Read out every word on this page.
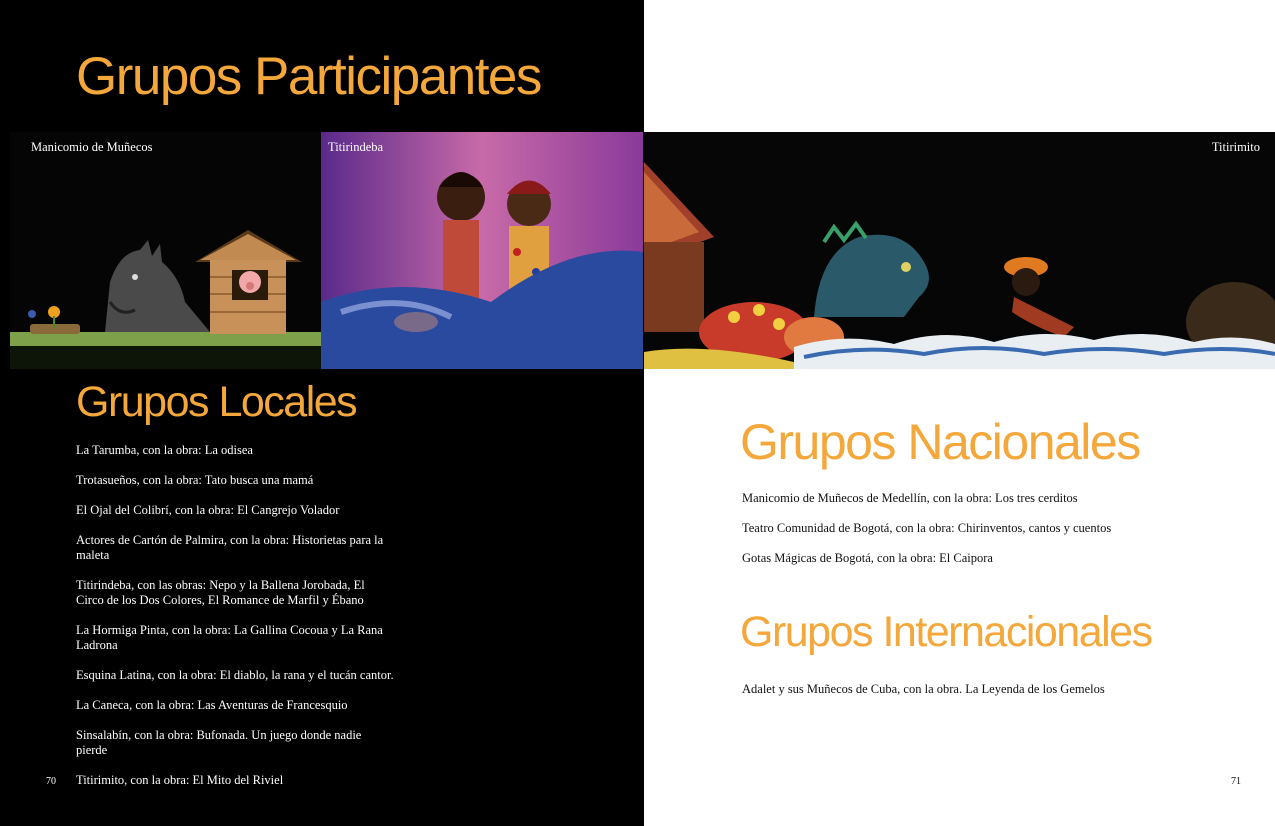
Grupos Participantes
Manicomio de Muñecos	Titirindeba	Titirimito
Grupos Locales
La Tarumba, con la obra: La odisea
Trotasueños, con la obra: Tato busca una mamá
El Ojal del Colibrí, con la obra: El Cangrejo Volador
Actores de Cartón de Palmira, con la obra: Historietas para la maleta
Titirindeba, con las obras: Nepo y la Ballena Jorobada, El Circo de los Dos Colores, El Romance de Marfil y Ébano
La Hormiga Pinta, con la obra: La Gallina Cocoua y La Rana Ladrona
Esquina Latina, con la obra: El diablo, la rana y el tucán cantor.
La Caneca, con la obra: Las Aventuras de Francesquio
Sinsalabín, con la obra: Bufonada. Un juego donde nadie pierde
Titirimito, con la obra: El Mito del Riviel
70
Grupos Nacionales
Manicomio de Muñecos de Medellín, con la obra: Los tres cerditos
Teatro Comunidad de Bogotá, con la obra: Chirinventos, cantos y cuentos
Gotas Mágicas de Bogotá, con la obra: El Caipora
Grupos Internacionales
Adalet y sus Muñecos de Cuba, con la obra. La Leyenda de los Gemelos
71
